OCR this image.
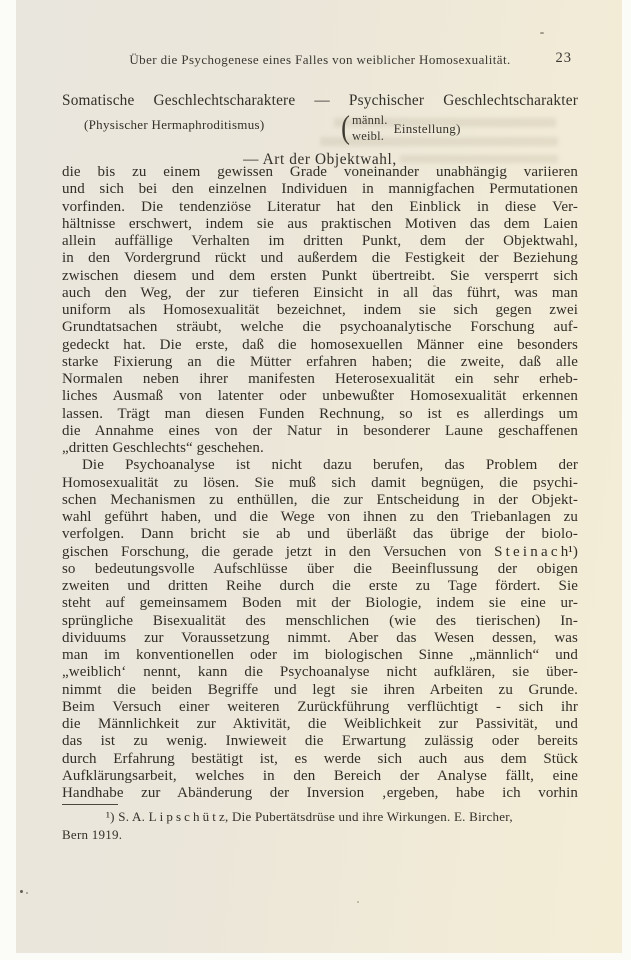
Über die Psychogenese eines Falles von weiblicher Homosexualität.	23
Somatische Geschlechtscharaktere — Psychischer Geschlechtscharakter
(Physischer Hermaphroditismus) ( männl.
weibl. Einstellung)
— Art der Objektwahl,
die bis zu einem gewissen Grade voneinander unabhängig variieren
und sich bei den einzelnen Individuen in mannigfachen Permutationen
vorfinden. Die tendenziöse Literatur hat den Einblick in diese Ver-
hältnisse erschwert, indem sie aus praktischen Motiven das dem Laien
allein auffällige Verhalten im dritten Punkt, dem der Objektwahl,
in den Vordergrund rückt und außerdem die Festigkeit der Beziehung
zwischen diesem und dem ersten Punkt übertreibt. Sie versperrt sich
auch den Weg, der zur tieferen Einsicht in all das führt, was man
uniform als Homosexualität bezeichnet, indem sie sich gegen zwei
Grundtatsachen sträubt, welche die psychoanalytische Forschung auf-
gedeckt hat. Die erste, daß die homosexuellen Männer eine besonders
starke Fixierung an die Mütter erfahren haben; die zweite, daß alle
Normalen neben ihrer manifesten Heterosexualität ein sehr erheb-
liches Ausmaß von latenter oder unbewußter Homosexualität erkennen
lassen. Trägt man diesen Funden Rechnung, so ist es allerdings um
die Annahme eines von der Natur in besonderer Laune geschaffenen
„dritten Geschlechts“ geschehen.
Die Psychoanalyse ist nicht dazu berufen, das Problem der
Homosexualität zu lösen. Sie muß sich damit begnügen, die psychi-
schen Mechanismen zu enthüllen, die zur Entscheidung in der Objekt-
wahl geführt haben, und die Wege von ihnen zu den Triebanlagen zu
verfolgen. Dann bricht sie ab und überläßt das übrige der biolo-
gischen Forschung, die gerade jetzt in den Versuchen von S t e i n a c h¹)
so bedeutungsvolle Aufschlüsse über die Beeinflussung der obigen
zweiten und dritten Reihe durch die erste zu Tage fördert. Sie
steht auf gemeinsamem Boden mit der Biologie, indem sie eine ur-
sprüngliche Bisexualität des menschlichen (wie des tierischen) In-
dividuums zur Voraussetzung nimmt. Aber das Wesen dessen, was
man im konventionellen oder im biologischen Sinne „männlich“ und
„weiblich‘ nennt, kann die Psychoanalyse nicht aufklären, sie über-
nimmt die beiden Begriffe und legt sie ihren Arbeiten zu Grunde.
Beim Versuch einer weiteren Zurückführung verflüchtigt - sich ihr
die Männlichkeit zur Aktivität, die Weiblichkeit zur Passivität, und
das ist zu wenig. Inwieweit die Erwartung zulässig oder bereits
durch Erfahrung bestätigt ist, es werde sich auch aus dem Stück
Aufklärungsarbeit, welches in den Bereich der Analyse fällt, eine
Handhabe zur Abänderung der Inversion ‚ergeben, habe ich vorhin
¹) S. A. L i p s c h ü t z, Die Pubertätsdrüse und ihre Wirkungen. E. Bircher,
Bern 1919.
